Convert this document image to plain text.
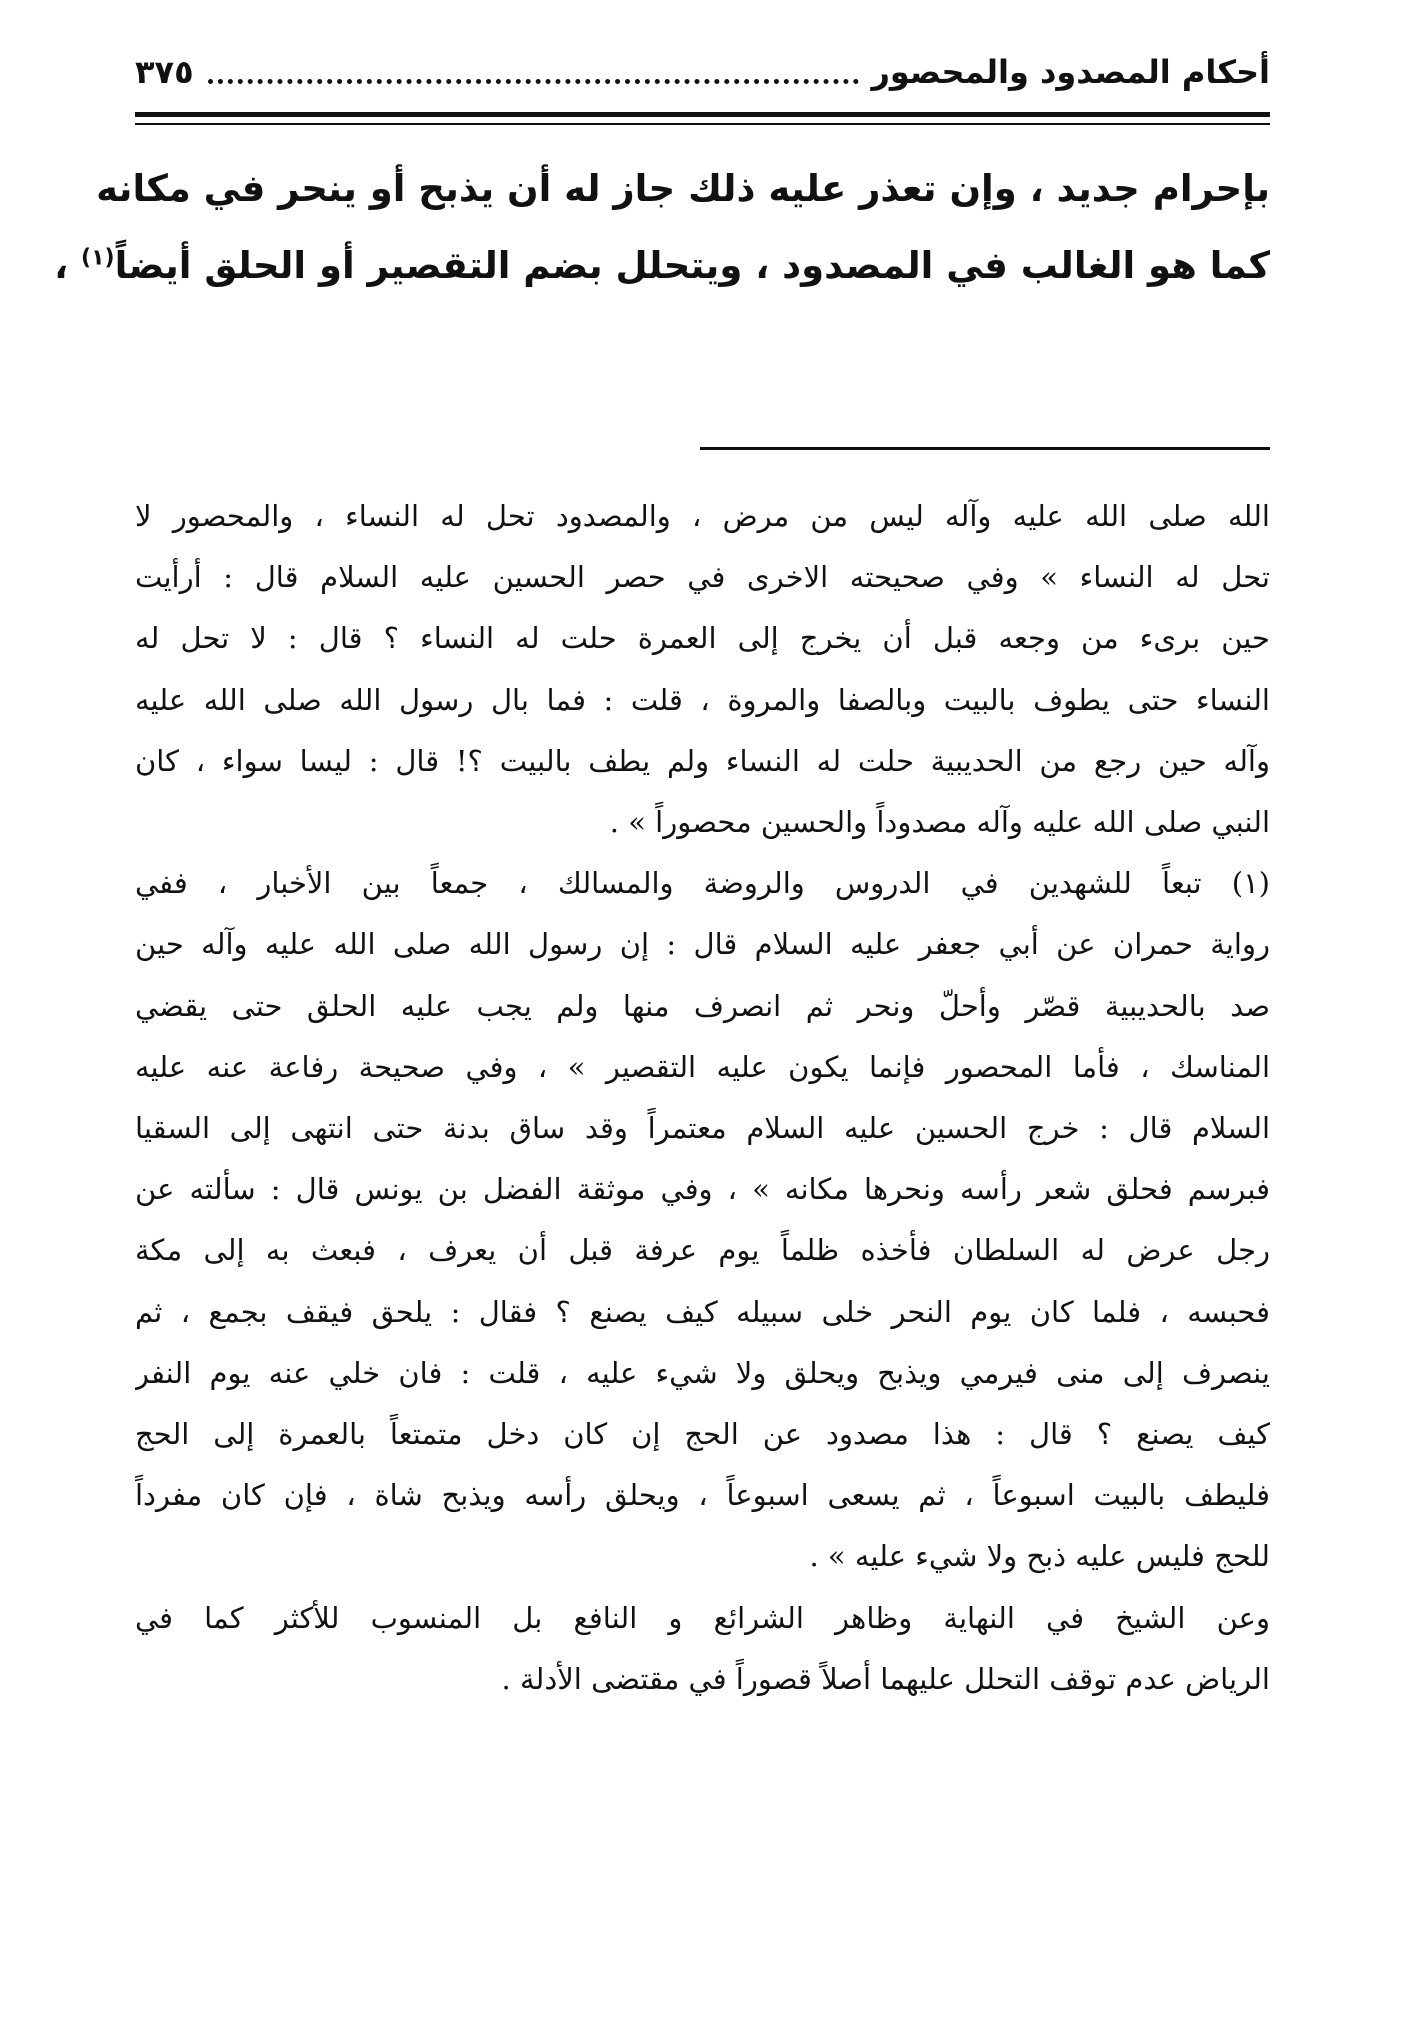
أحكام المصدود والمحصور
٣٧٥
بإحرام جديد ، وإن تعذر عليه ذلك جاز له أن يذبح أو ينحر في مكانه
كما هو الغالب في المصدود ، ويتحلل بضم التقصير أو الحلق أيضاً$^{(١)}$ ،
الله صلى الله عليه وآله ليس من مرض ، والمصدود تحل له النساء ، والمحصور لا
تحل له النساء » وفي صحيحته الاخرى في حصر الحسين عليه السلام قال : أرأيت
حين برىء من وجعه قبل أن يخرج إلى العمرة حلت له النساء ؟ قال : لا تحل له
النساء حتى يطوف بالبيت وبالصفا والمروة ، قلت : فما بال رسول الله صلى الله عليه
وآله حين رجع من الحديبية حلت له النساء ولم يطف بالبيت ؟! قال : ليسا سواء ، كان
النبي صلى الله عليه وآله مصدوداً والحسين محصوراً » .
(١) تبعاً للشهدين في الدروس والروضة والمسالك ، جمعاً بين الأخبار ، ففي
رواية حمران عن أبي جعفر عليه السلام قال : إن رسول الله صلى الله عليه وآله حين
صد بالحديبية قصّر وأحلّ ونحر ثم انصرف منها ولم يجب عليه الحلق حتى يقضي
المناسك ، فأما المحصور فإنما يكون عليه التقصير » ، وفي صحيحة رفاعة عنه عليه
السلام قال : خرج الحسين عليه السلام معتمراً وقد ساق بدنة حتى انتهى إلى السقيا
فبرسم فحلق شعر رأسه ونحرها مكانه » ، وفي موثقة الفضل بن يونس قال : سألته عن
رجل عرض له السلطان فأخذه ظلماً يوم عرفة قبل أن يعرف ، فبعث به إلى مكة
فحبسه ، فلما كان يوم النحر خلى سبيله كيف يصنع ؟ فقال : يلحق فيقف بجمع ، ثم
ينصرف إلى منى فيرمي ويذبح ويحلق ولا شيء عليه ، قلت : فان خلي عنه يوم النفر
كيف يصنع ؟ قال : هذا مصدود عن الحج إن كان دخل متمتعاً بالعمرة إلى الحج
فليطف بالبيت اسبوعاً ، ثم يسعى اسبوعاً ، ويحلق رأسه ويذبح شاة ، فإن كان مفرداً
للحج فليس عليه ذبح ولا شيء عليه » .
وعن الشيخ في النهاية وظاهر الشرائع و النافع بل المنسوب للأكثر كما في
الرياض عدم توقف التحلل عليهما أصلاً قصوراً في مقتضى الأدلة .
